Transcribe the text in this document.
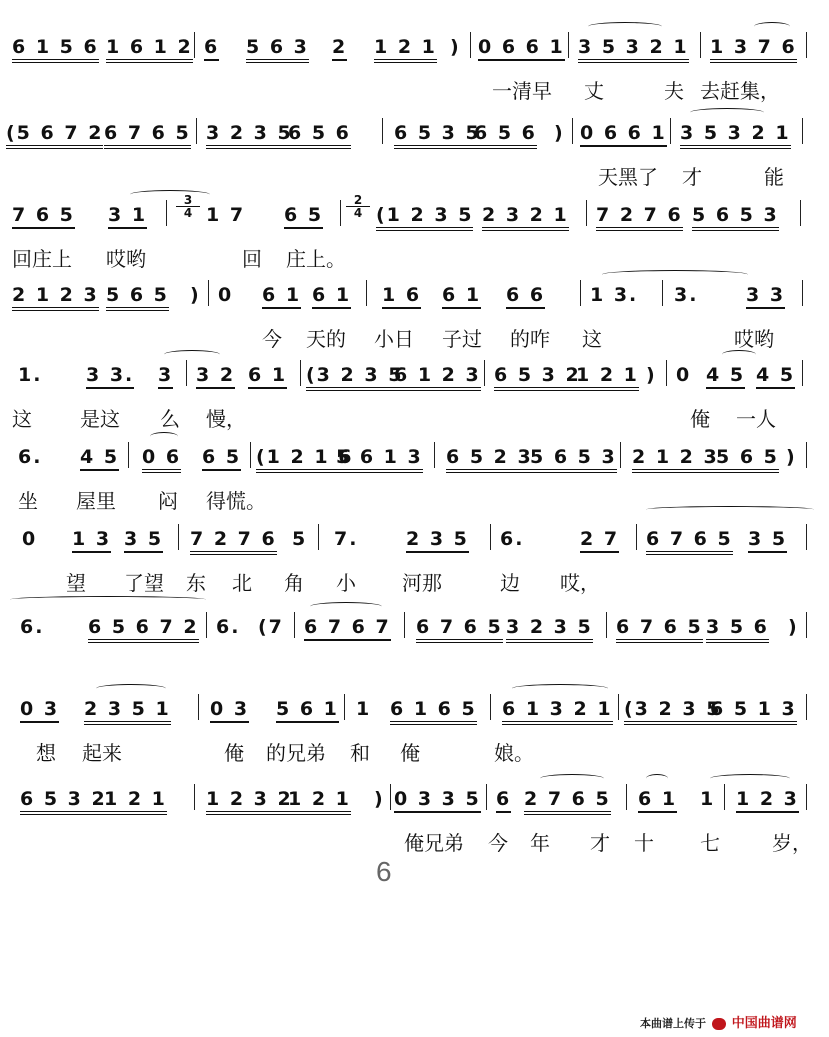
6 1 5 6 1 6 1 2 6 5 6 3 2 1 2 1 ) 0 6 6 1 3 5 3 2 1 1 3 7 6
一清早 丈	夫 去赶集，
(5 6 7 2 6 7 6 5 3 2 3 5
6 5 6 6 5 3 5
6 5 6 ) 0 6 6 1 3 5 3 2 1
天黑了 才	能
7 6 5 3 $1 \frac{3}{4} 1$ 7 6 $5 \frac{2}{4} (1$ 2 3 5 2 3 2 1 7 2 7 6 5 6 5 3
回庄上 哎哟	回 庄上。
2 1 2 3 5 6 5 ) 0 6 1 6 1 1 6 6 1 6 6 1 3. 3.	3 3
今 天的 小日 子过 的咋 这	哎哟
1. 3 3. 3 3 2 6 1 (3 2 3 5
6 1 2 3 6 5 3 2
1 2 1 ) 0 4 5 4 5
这 是这 么 慢，	俺 一人
6. 4 5 0 6 6 5 (1 2 1 6
5 6 1 3 6 5 2 3
5 6 5 3 2 1 2 3
5 6 5 )
坐 屋里 闷 得慌。
0 1 3 3 5 7 2 7 6 5 7.	2 3 5 6.	2 7 6 7 6 5 3 5
望 了望 东 北 角 小 河那	边 哎，
6. 6 5 6 7 2 6. (7 6 7 6 7 6 7 6 5 3 2 3 5 6 7 6 5 3 5 6 )
0 3 2 3 5 1 0 3 5 6 1 1 6 1 6 5 6 1 3 2 1 (3 2 3 5
6 5 1 3
想 起来	俺 的兄弟 和 俺	娘。
6 5 3 2
1 2 1 1 2 3 2
1 2 1 ) 0 3 3 5 6 2 7 6 5 6 1 1 1 2 3
俺兄弟 今 年 才 十 七	岁，
6
本曲谱上传于 中国曲谱网
